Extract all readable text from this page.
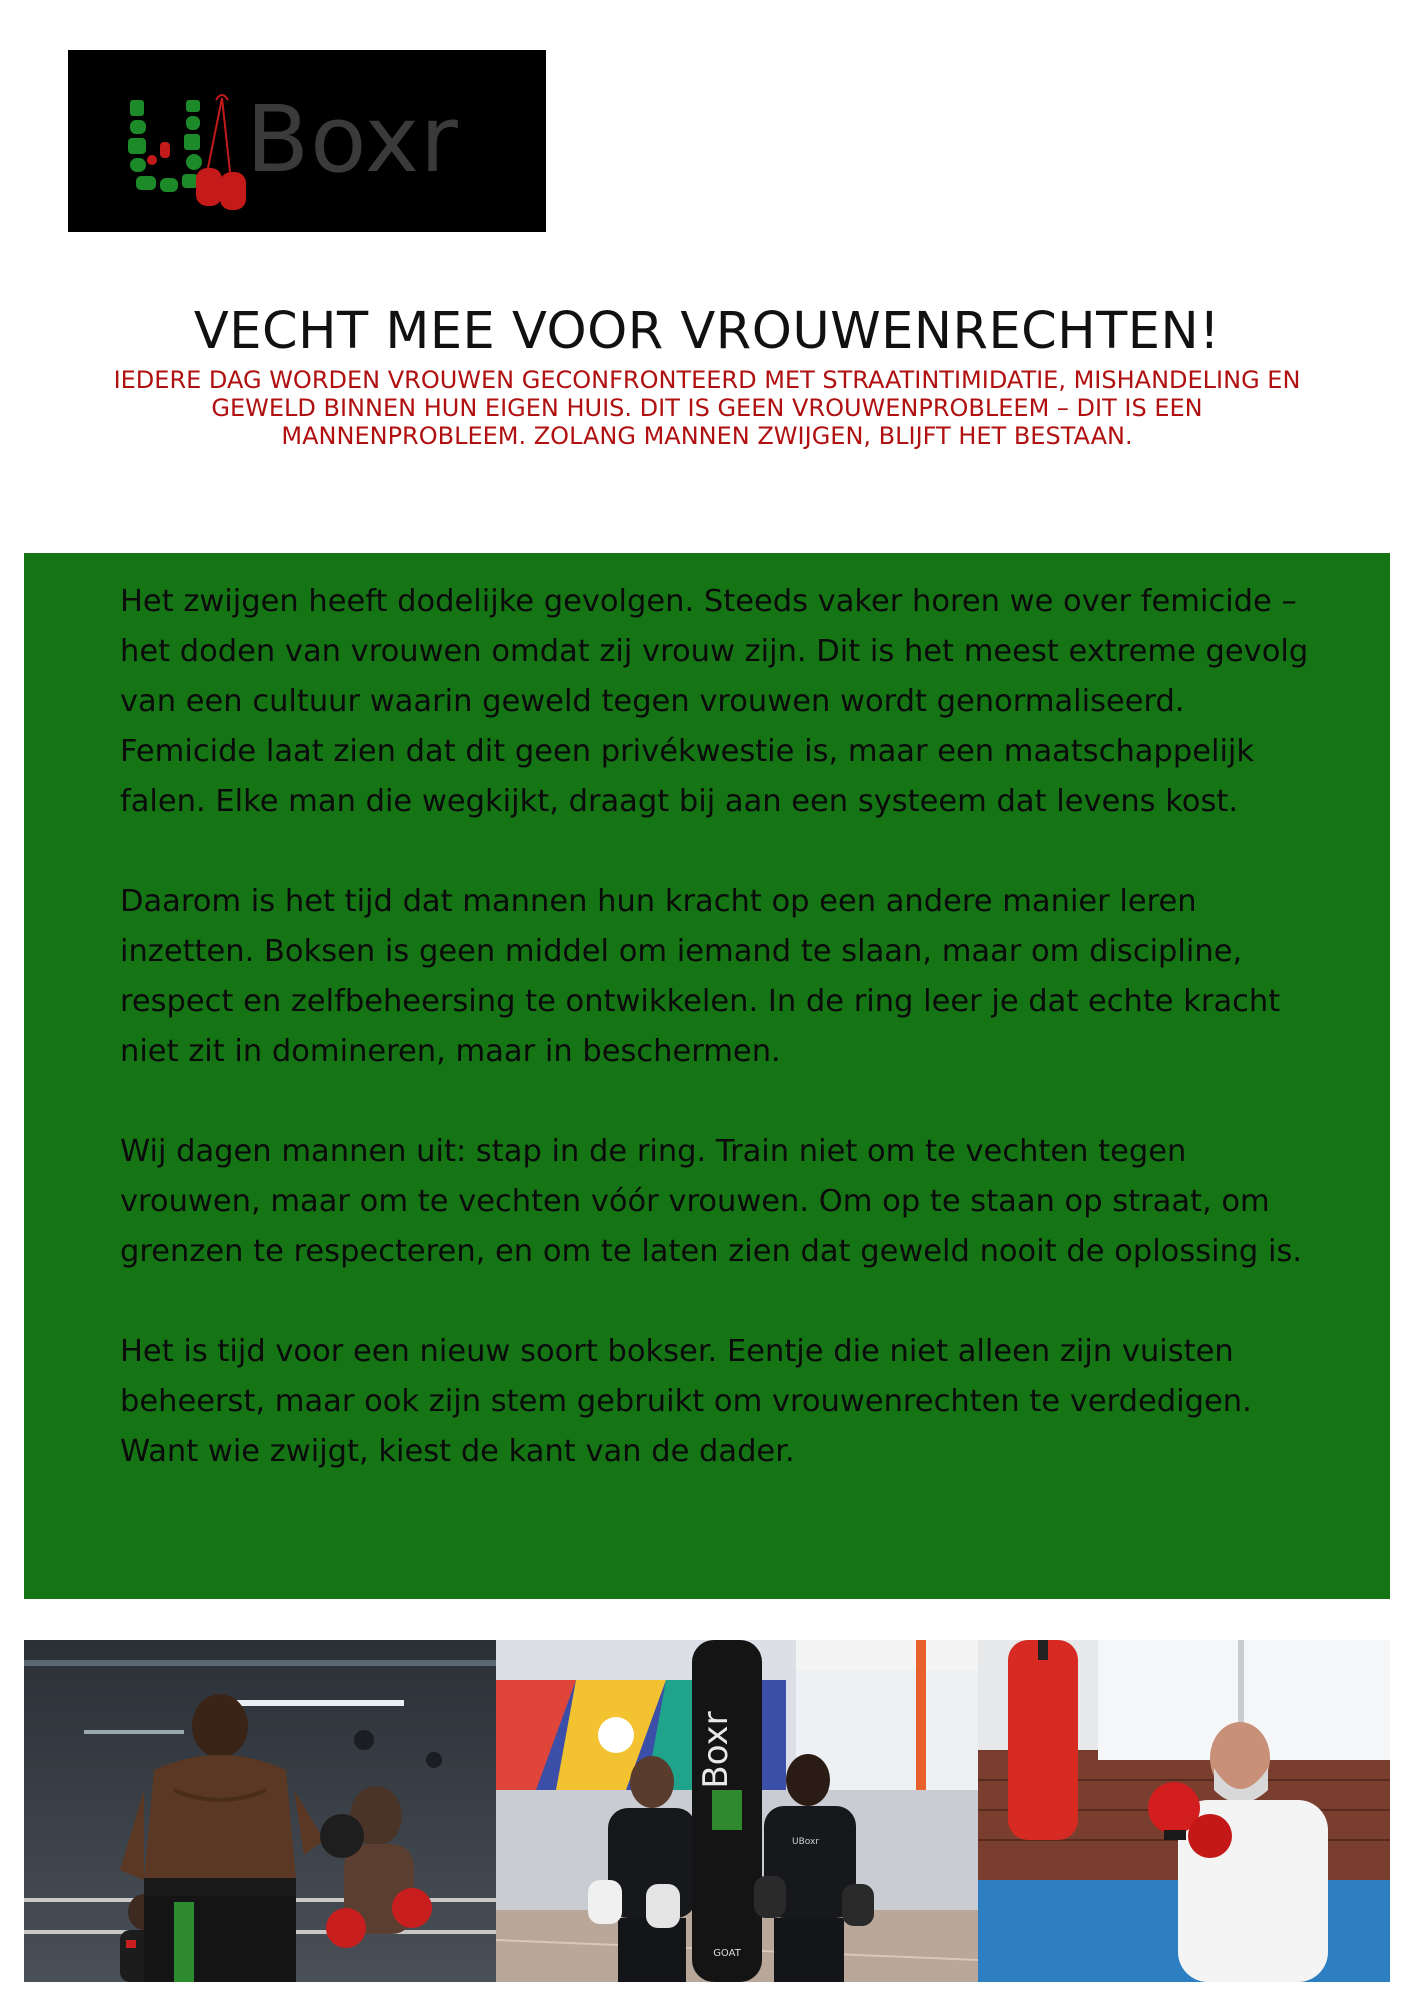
Boxr
VECHT MEE VOOR VROUWENRECHTEN!

IEDERE DAG WORDEN VROUWEN GECONFRONTEERD MET STRAATINTIMIDATIE, MISHANDELING EN GEWELD BINNEN HUN EIGEN HUIS. DIT IS GEEN VROUWENPROBLEEM – DIT IS EEN MANNENPROBLEEM. ZOLANG MANNEN ZWIJGEN, BLIJFT HET BESTAAN.

Het zwijgen heeft dodelijke gevolgen. Steeds vaker horen we over femicide – het doden van vrouwen omdat zij vrouw zijn. Dit is het meest extreme gevolg van een cultuur waarin geweld tegen vrouwen wordt genormaliseerd. Femicide laat zien dat dit geen privékwestie is, maar een maatschappelijk falen. Elke man die wegkijkt, draagt bij aan een systeem dat levens kost.

Daarom is het tijd dat mannen hun kracht op een andere manier leren inzetten. Boksen is geen middel om iemand te slaan, maar om discipline, respect en zelfbeheersing te ontwikkelen. In de ring leer je dat echte kracht niet zit in domineren, maar in beschermen.

Wij dagen mannen uit: stap in de ring. Train niet om te vechten tegen vrouwen, maar om te vechten vóór vrouwen. Om op te staan op straat, om grenzen te respecteren, en om te laten zien dat geweld nooit de oplossing is.

Het is tijd voor een nieuw soort bokser. Eentje die niet alleen zijn vuisten beheerst, maar ook zijn stem gebruikt om vrouwenrechten te verdedigen. Want wie zwijgt, kiest de kant van de dader.

Boxr
GOAT
UBoxr
